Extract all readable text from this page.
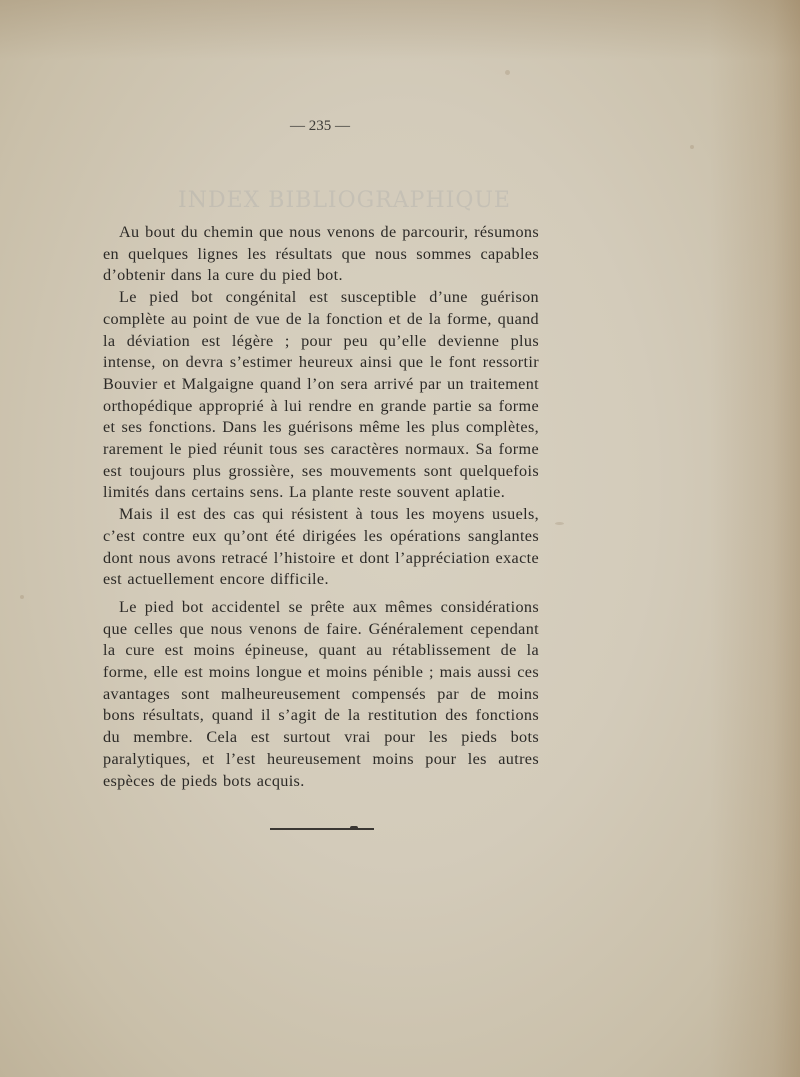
INDEX BIBLIOGRAPHIQUE
— 235 —

Au bout du chemin que nous venons de parcourir, résumons en quelques lignes les résultats que nous sommes capables d’obtenir dans la cure du pied bot.

Le pied bot congénital est susceptible d’une guérison complète au point de vue de la fonction et de la forme, quand la déviation est légère ; pour peu qu’elle devienne plus intense, on devra s’estimer heureux ainsi que le font ressortir Bouvier et Malgaigne quand l’on sera arrivé par un traitement orthopédique approprié à lui rendre en grande partie sa forme et ses fonctions. Dans les guérisons même les plus complètes, rarement le pied réunit tous ses caractères normaux. Sa forme est toujours plus grossière, ses mouvements sont quelquefois limités dans certains sens. La plante reste souvent aplatie.

Mais il est des cas qui résistent à tous les moyens usuels, c’est contre eux qu’ont été dirigées les opérations sanglantes dont nous avons retracé l’histoire et dont l’appréciation exacte est actuellement encore difficile.

Le pied bot accidentel se prête aux mêmes considérations que celles que nous venons de faire. Généralement cependant la cure est moins épineuse, quant au rétablissement de la forme, elle est moins longue et moins pénible ; mais aussi ces avantages sont malheureusement compensés par de moins bons résultats, quand il s’agit de la restitution des fonctions du membre. Cela est surtout vrai pour les pieds bots paralytiques, et l’est heureusement moins pour les autres espèces de pieds bots acquis.
